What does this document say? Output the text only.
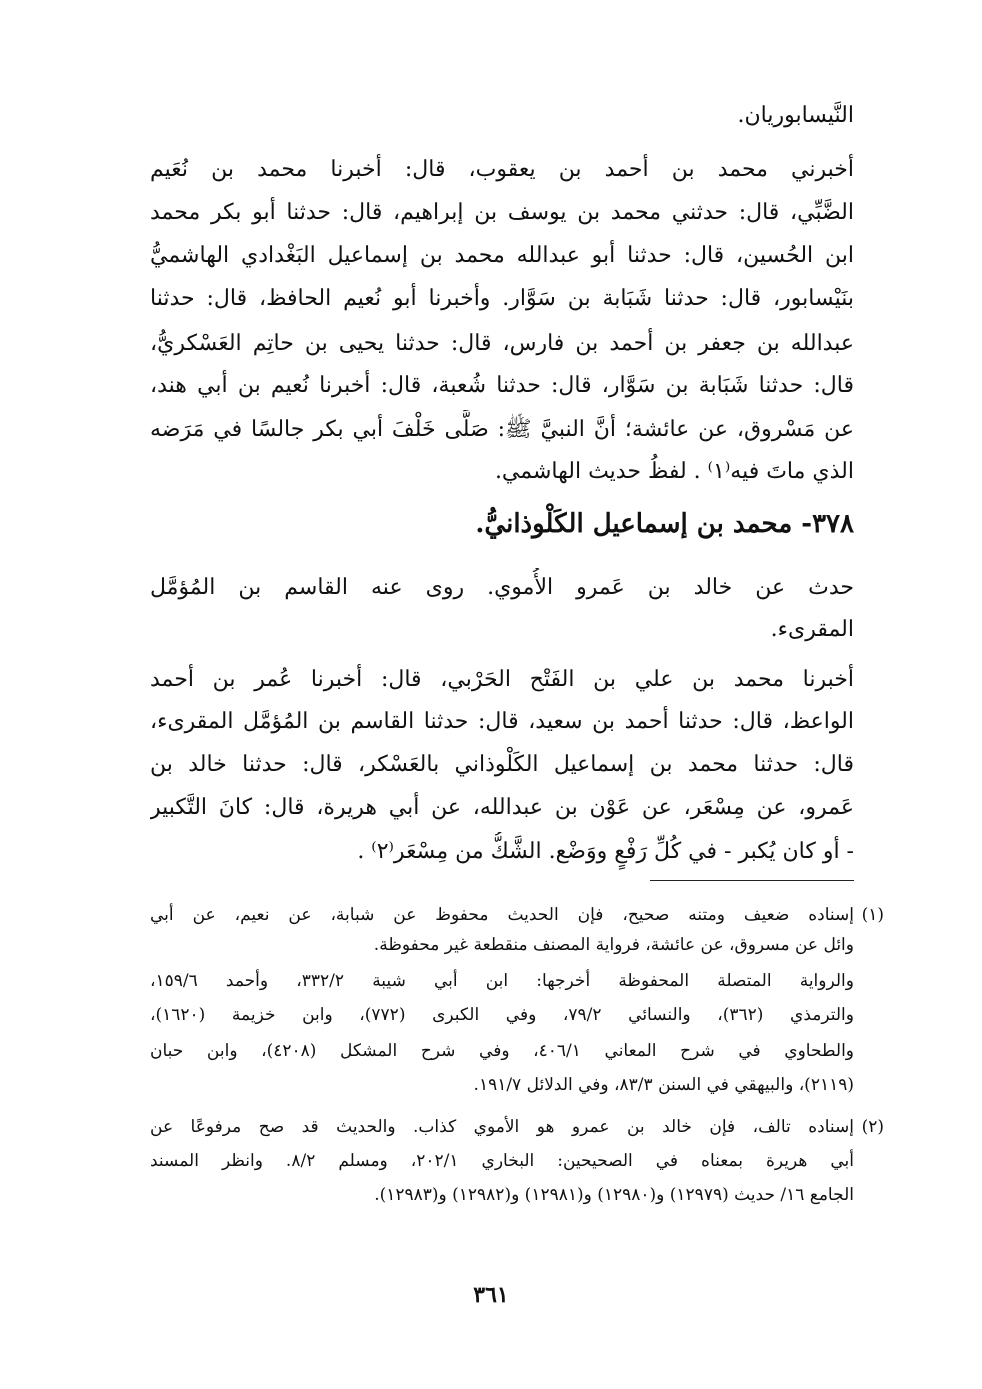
النَّيسابوريان.
أخبرني محمد بن أحمد بن يعقوب، قال: أخبرنا محمد بن نُعَيم
الضَّبِّي، قال: حدثني محمد بن يوسف بن إبراهيم، قال: حدثنا أبو بكر محمد
ابن الحُسين، قال: حدثنا أبو عبدالله محمد بن إسماعيل البَغْدادي الهاشميُّ
بنَيْسابور، قال: حدثنا شَبَابة بن سَوَّار. وأخبرنا أبو نُعيم الحافظ، قال: حدثنا
عبدالله بن جعفر بن أحمد بن فارس، قال: حدثنا يحيى بن حاتِم العَسْكريُّ،
قال: حدثنا شَبَابة بن سَوَّار، قال: حدثنا شُعبة، قال: أخبرنا نُعيم بن أبي هند،
عن مَسْروق، عن عائشة؛ أنَّ النبيَّ ﷺ: صَلَّى خَلْفَ أبي بكر جالسًا في مَرَضه
الذي ماتَ فيه⁽١⁾ . لفظُ حديث الهاشمي.
٣٧٨- محمد بن إسماعيل الكَلْوذانيُّ.
حدث عن خالد بن عَمرو الأُموي. روى عنه القاسم بن المُؤمَّل
المقرىء.
أخبرنا محمد بن علي بن الفَتْح الحَرْبي، قال: أخبرنا عُمر بن أحمد
الواعظ، قال: حدثنا أحمد بن سعيد، قال: حدثنا القاسم بن المُؤمَّل المقرىء،
قال: حدثنا محمد بن إسماعيل الكَلْوذاني بالعَسْكر، قال: حدثنا خالد بن
عَمرو، عن مِسْعَر، عن عَوْن بن عبدالله، عن أبي هريرة، قال: كانَ التَّكبير
- أو كان يُكبر - في كُلِّ رَفْعٍ ووَضْع. الشَّكُّ من مِسْعَر⁽٢⁾ .
(١)
إسناده ضعيف ومتنه صحيح، فإن الحديث محفوظ عن شبابة، عن نعيم، عن أبي
وائل عن مسروق، عن عائشة، فرواية المصنف منقطعة غير محفوظة.
والرواية المتصلة المحفوظة أخرجها: ابن أبي شيبة ٣٣٢/٢، وأحمد ١٥٩/٦،
والترمذي (٣٦٢)، والنسائي ٧٩/٢، وفي الكبرى (٧٧٢)، وابن خزيمة (١٦٢٠)،
والطحاوي في شرح المعاني ٤٠٦/١، وفي شرح المشكل (٤٢٠٨)، وابن حبان
(٢١١٩)، والبيهقي في السنن ٨٣/٣، وفي الدلائل ١٩١/٧.
(٢)
إسناده تالف، فإن خالد بن عمرو هو الأموي كذاب. والحديث قد صح مرفوعًا عن
أبي هريرة بمعناه في الصحيحين: البخاري ٢٠٢/١، ومسلم ٨/٢. وانظر المسند
الجامع ١٦/ حديث (١٢٩٧٩) و(١٢٩٨٠) و(١٢٩٨١) و(١٢٩٨٢) و(١٢٩٨٣).
٣٦١
